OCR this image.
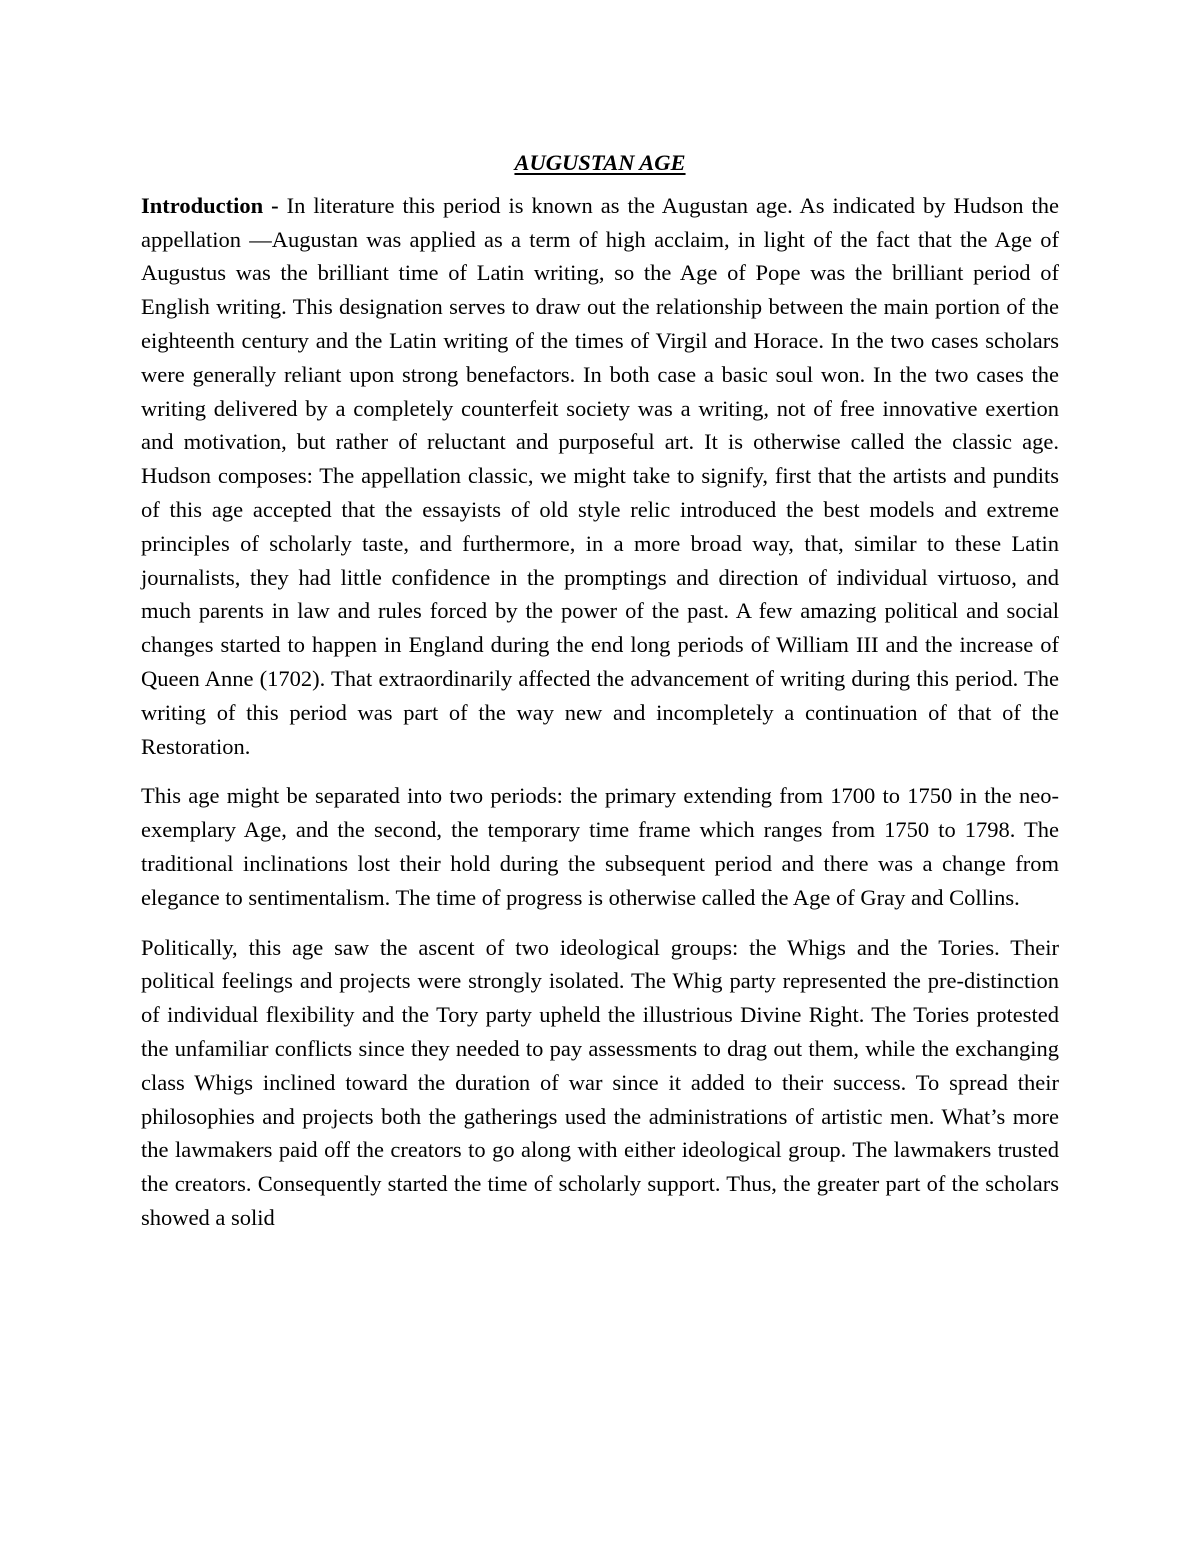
AUGUSTAN AGE

Introduction - In literature this period is known as the Augustan age. As indicated by Hudson the appellation —Augustan was applied as a term of high acclaim, in light of the fact that the Age of Augustus was the brilliant time of Latin writing, so the Age of Pope was the brilliant period of English writing. This designation serves to draw out the relationship between the main portion of the eighteenth century and the Latin writing of the times of Virgil and Horace. In the two cases scholars were generally reliant upon strong benefactors. In both case a basic soul won. In the two cases the writing delivered by a completely counterfeit society was a writing, not of free innovative exertion and motivation, but rather of reluctant and purposeful art. It is otherwise called the classic age. Hudson composes: The appellation classic, we might take to signify, first that the artists and pundits of this age accepted that the essayists of old style relic introduced the best models and extreme principles of scholarly taste, and furthermore, in a more broad way, that, similar to these Latin journalists, they had little confidence in the promptings and direction of individual virtuoso, and much parents in law and rules forced by the power of the past. A few amazing political and social changes started to happen in England during the end long periods of William III and the increase of Queen Anne (1702). That extraordinarily affected the advancement of writing during this period. The writing of this period was part of the way new and incompletely a continuation of that of the Restoration.

This age might be separated into two periods: the primary extending from 1700 to 1750 in the neo-exemplary Age, and the second, the temporary time frame which ranges from 1750 to 1798. The traditional inclinations lost their hold during the subsequent period and there was a change from elegance to sentimentalism. The time of progress is otherwise called the Age of Gray and Collins.

Politically, this age saw the ascent of two ideological groups: the Whigs and the Tories. Their political feelings and projects were strongly isolated. The Whig party represented the pre-distinction of individual flexibility and the Tory party upheld the illustrious Divine Right. The Tories protested the unfamiliar conflicts since they needed to pay assessments to drag out them, while the exchanging class Whigs inclined toward the duration of war since it added to their success. To spread their philosophies and projects both the gatherings used the administrations of artistic men. What’s more the lawmakers paid off the creators to go along with either ideological group. The lawmakers trusted the creators. Consequently started the time of scholarly support. Thus, the greater part of the scholars showed a solid
